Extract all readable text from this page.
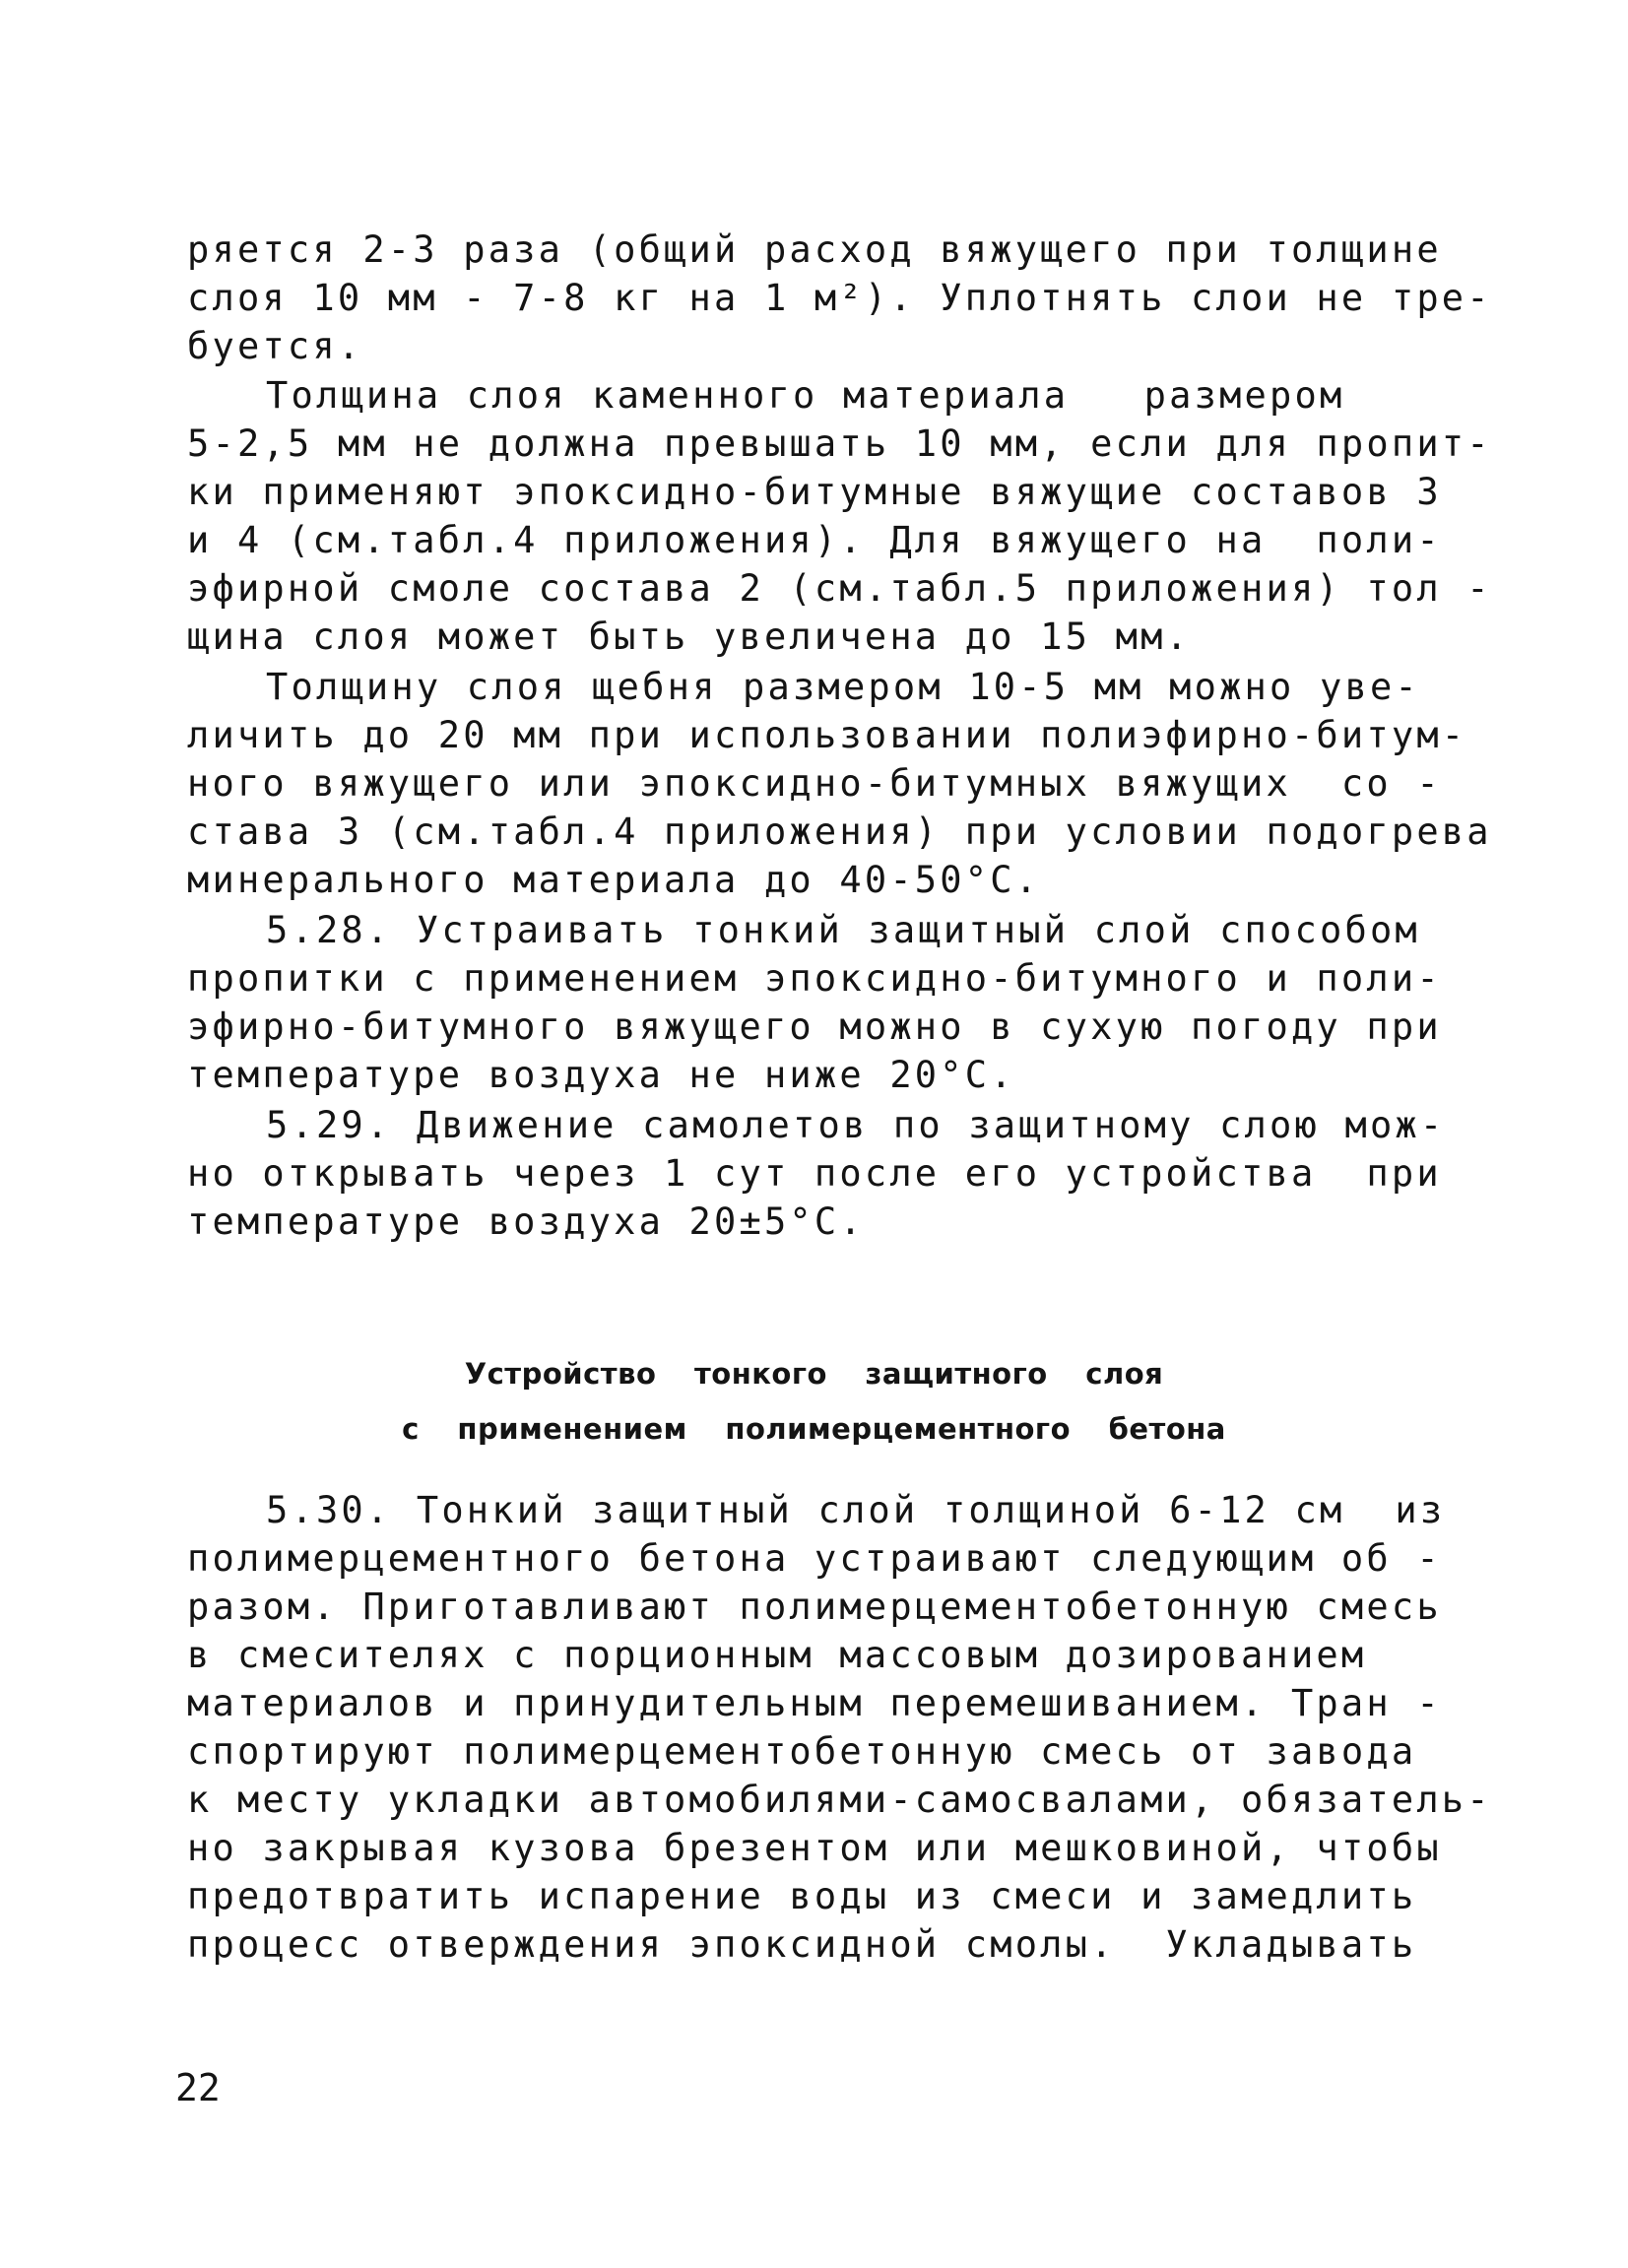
ряется 2-3 раза (общий расход вяжущего при толщине
слоя 10 мм - 7-8 кг на 1 м²). Уплотнять слои не тре-
буется.
Толщина слоя каменного материала   размером
5-2,5 мм не должна превышать 10 мм, если для пропит-
ки применяют эпоксидно-битумные вяжущие составов 3
и 4 (см.табл.4 приложения). Для вяжущего на  поли-
эфирной смоле состава 2 (см.табл.5 приложения) тол -
щина слоя может быть увеличена до 15 мм.
Толщину слоя щебня размером 10-5 мм можно уве-
личить до 20 мм при использовании полиэфирно-битум-
ного вяжущего или эпоксидно-битумных вяжущих  со -
става 3 (см.табл.4 приложения) при условии подогрева
минерального материала до 40-50°С.
5.28. Устраивать тонкий защитный слой способом
пропитки с применением эпоксидно-битумного и поли-
эфирно-битумного вяжущего можно в сухую погоду при
температуре воздуха не ниже 20°С.
5.29. Движение самолетов по защитному слою мож-
но открывать через 1 сут после его устройства  при
температуре воздуха 20±5°С.
Устройство тонкого защитного слоя
с применением полимерцементного бетона
5.30. Тонкий защитный слой толщиной 6-12 см  из
полимерцементного бетона устраивают следующим об -
разом. Приготавливают полимерцементобетонную смесь
в смесителях с порционным массовым дозированием
материалов и принудительным перемешиванием. Тран -
спортируют полимерцементобетонную смесь от завода
к месту укладки автомобилями-самосвалами, обязатель-
но закрывая кузова брезентом или мешковиной, чтобы
предотвратить испарение воды из смеси и замедлить
процесс отверждения эпоксидной смолы.  Укладывать
22
